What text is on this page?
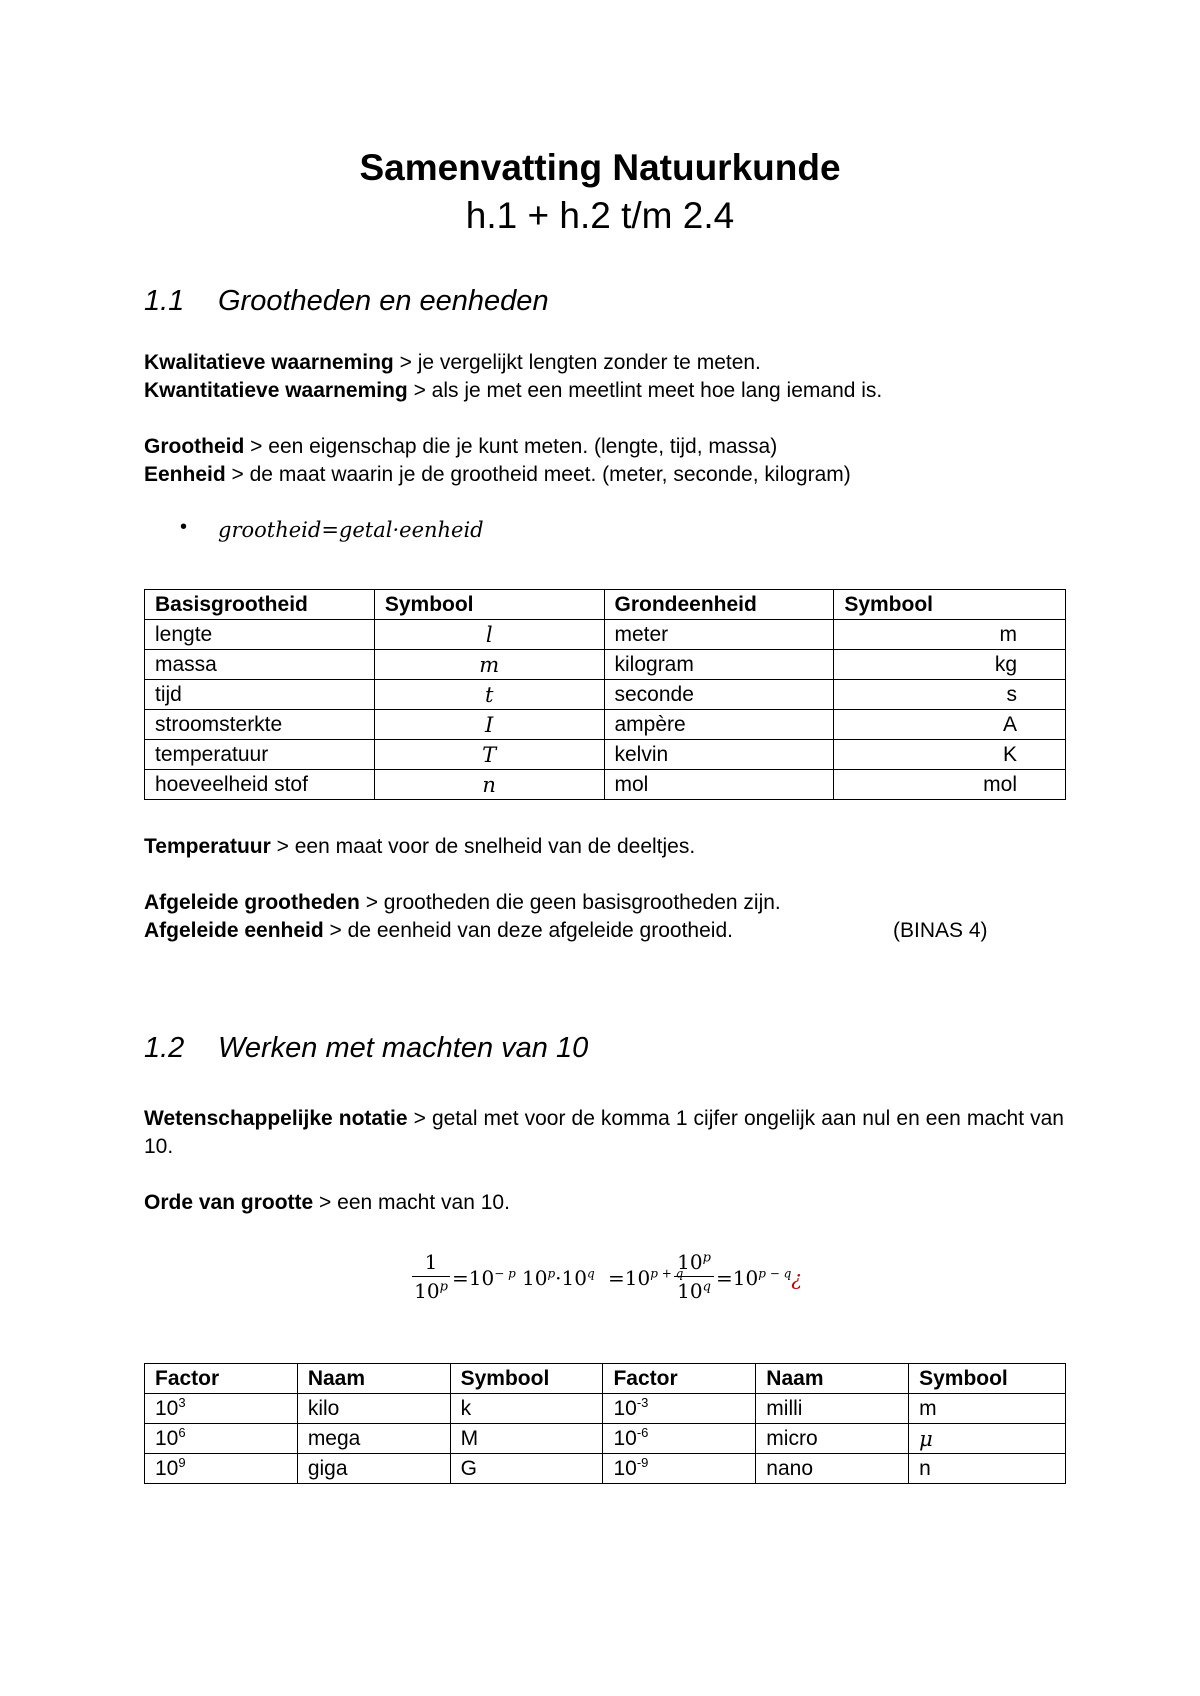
Samenvatting Natuurkunde
h.1 + h.2 t/m 2.4
1.1 Grootheden en eenheden
Kwalitatieve waarneming > je vergelijkt lengten zonder te meten.
Kwantitatieve waarneming > als je met een meetlint meet hoe lang iemand is.
Grootheid > een eigenschap die je kunt meten. (lengte, tijd, massa)
Eenheid > de maat waarin je de grootheid meet. (meter, seconde, kilogram)
• grootheid=getal·eenheid
Basisgrootheid	Symbool	Grondeenheid	Symbool
lengte	l	meter	m
massa	m	kilogram	kg
tijd	t	seconde	s
stroomsterkte	I	ampère	A
temperatuur	T	kelvin	K
hoeveelheid stof	n	mol	mol
Temperatuur > een maat voor de snelheid van de deeltjes.
Afgeleide grootheden > grootheden die geen basisgrootheden zijn.
Afgeleide eenheid > de eenheid van deze afgeleide grootheid.	(BINAS 4)
1.2 Werken met machten van 10
Wetenschappelijke notatie > getal met voor de komma 1 cijfer ongelijk aan nul en een macht van 10.
Orde van grootte > een macht van 10.
1
$10^p =10^{- p}$ $10^p\cdot 10^q =10^{p + q}$
10$^p$
$10^q$ $=10^{p - q}¿$
Factor	Naam	Symbool	Factor	Naam	Symbool
$10^3$	kilo	k	$10^{-3}$	milli	m
$10^6$	mega	M	$10^{-6}$	micro	μ
$10^9$	giga	G	$10^{-9}$	nano	n
